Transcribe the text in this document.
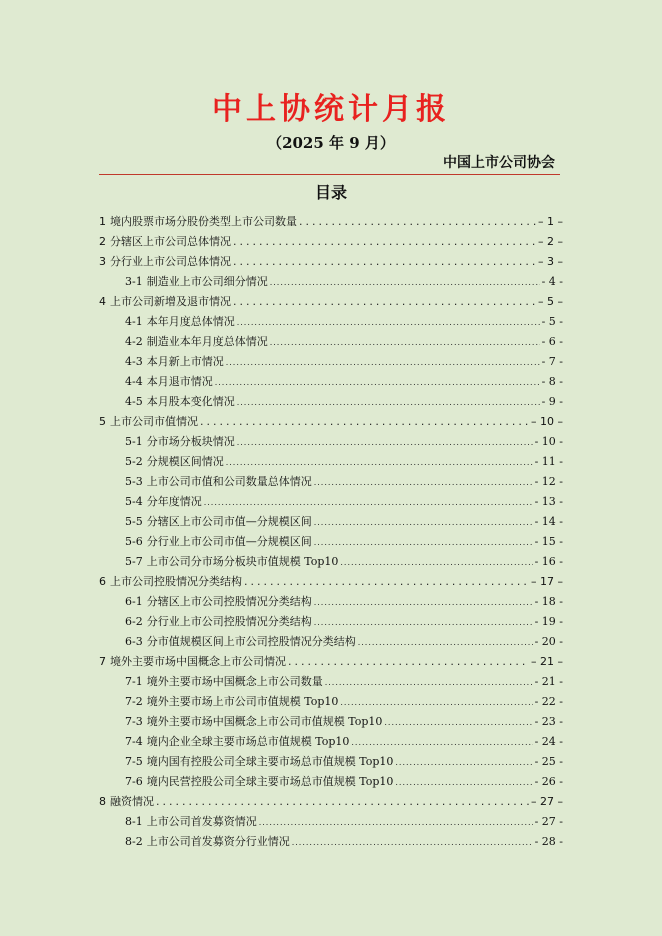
中上协统计月报
（2025 年 9 月）
中国上市公司协会
目录
1 境内股票市场分股份类型上市公司数量 .....	– 1 –
2 分辖区上市公司总体情况 .....	– 2 –
3 分行业上市公司总体情况 .....	– 3 –
3-1 制造业上市公司细分情况 .....	- 4 -
4 上市公司新增及退市情况 .....	– 5 –
4-1 本年月度总体情况 .....	- 5 -
4-2 制造业本年月度总体情况 .....	- 6 -
4-3 本月新上市情况 .....	- 7 -
4-4 本月退市情况 .....	- 8 -
4-5 本月股本变化情况 .....	- 9 -
5 上市公司市值情况 .....	– 10 –
5-1 分市场分板块情况 .....	- 10 -
5-2 分规模区间情况 .....	- 11 -
5-3 上市公司市值和公司数量总体情况 .....	- 12 -
5-4 分年度情况 .....	- 13 -
5-5 分辖区上市公司市值—分规模区间 .....	- 14 -
5-6 分行业上市公司市值—分规模区间 .....	- 15 -
5-7 上市公司分市场分板块市值规模 Top10 .....	- 16 -
6 上市公司控股情况分类结构 .....	– 17 –
6-1 分辖区上市公司控股情况分类结构 .....	- 18 -
6-2 分行业上市公司控股情况分类结构 .....	- 19 -
6-3 分市值规模区间上市公司控股情况分类结构 .....	- 20 -
7 境外主要市场中国概念上市公司情况 .....	– 21 –
7-1 境外主要市场中国概念上市公司数量 .....	- 21 -
7-2 境外主要市场上市公司市值规模 Top10 .....	- 22 -
7-3 境外主要市场中国概念上市公司市值规模 Top10 .....	- 23 -
7-4 境内企业全球主要市场总市值规模 Top10 .....	- 24 -
7-5 境内国有控股公司全球主要市场总市值规模 Top10 .....	- 25 -
7-6 境内民营控股公司全球主要市场总市值规模 Top10 .....	- 26 -
8 融资情况 .....	– 27 –
8-1 上市公司首发募资情况 .....	- 27 -
8-2 上市公司首发募资分行业情况 .....	- 28 -
